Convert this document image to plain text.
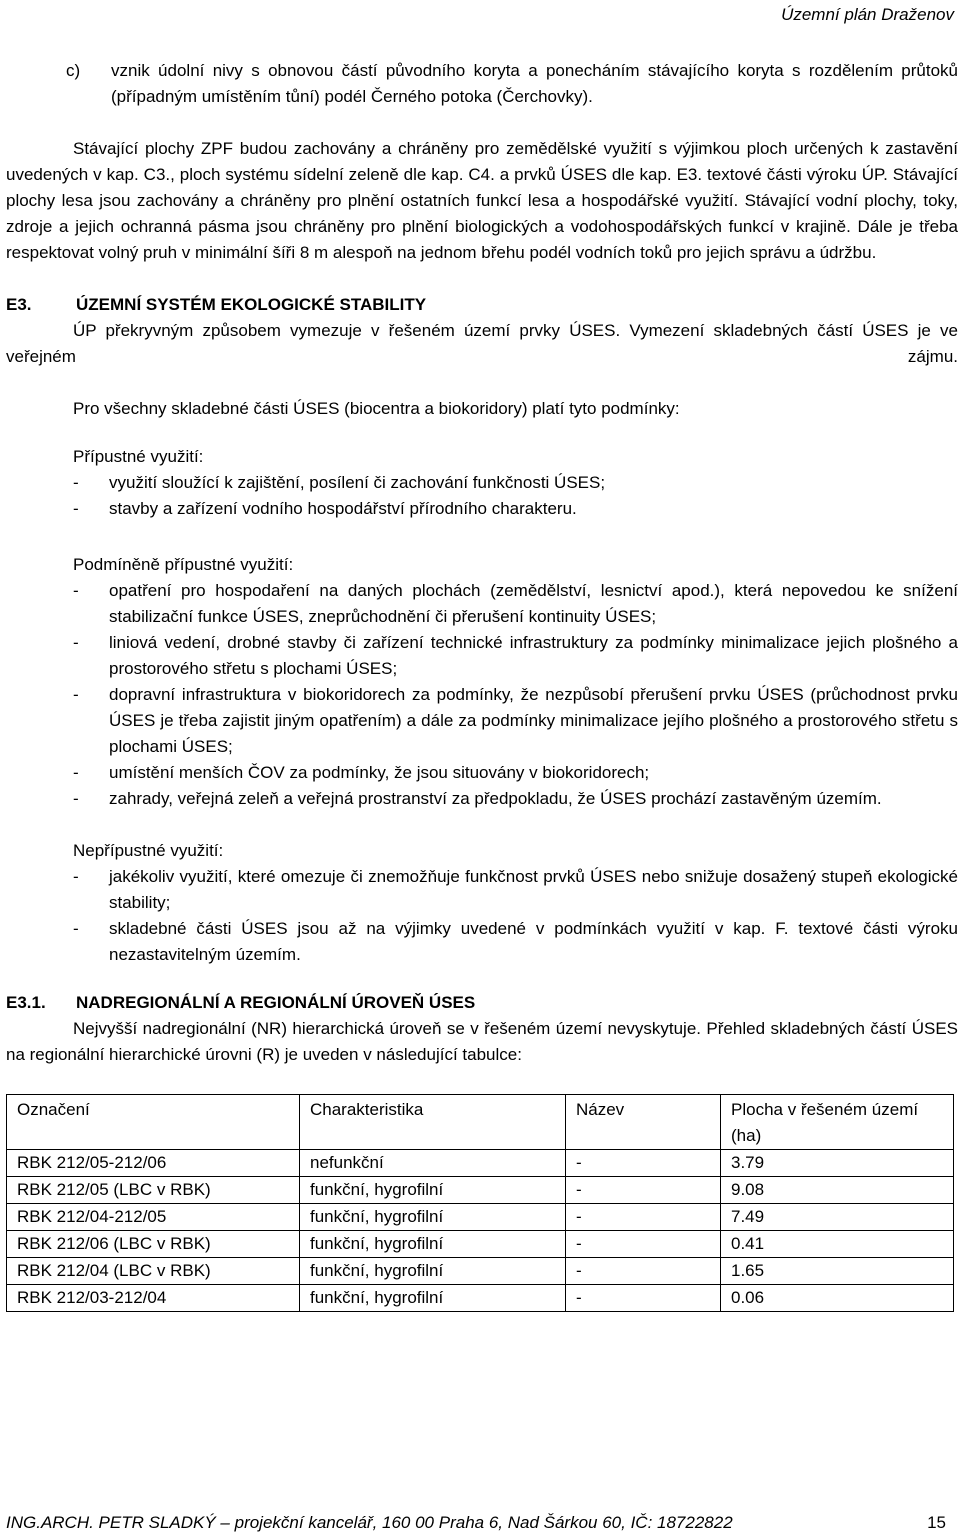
Územní plán Draženov
c)	vznik údolní nivy s obnovou částí původního koryta a ponecháním stávajícího koryta s rozdělením průtoků (případným umístěním tůní) podél Černého potoka (Čerchovky).

Stávající plochy ZPF budou zachovány a chráněny pro zemědělské využití s výjimkou ploch určených k zastavění uvedených v kap. C3., ploch systému sídelní zeleně dle kap. C4. a prvků ÚSES dle kap. E3. textové části výroku ÚP. Stávající plochy lesa jsou zachovány a chráněny pro plnění ostatních funkcí lesa a hospodářské využití. Stávající vodní plochy, toky, zdroje a jejich ochranná pásma jsou chráněny pro plnění biologických a vodohospodářských funkcí v krajině. Dále je třeba respektovat volný pruh v minimální šíři 8 m alespoň na jednom břehu podél vodních toků pro jejich správu a údržbu.

E3.	ÚZEMNÍ SYSTÉM EKOLOGICKÉ STABILITY

ÚP překryvným způsobem vymezuje v řešeném území prvky ÚSES. Vymezení skladebných částí ÚSES je ve veřejném zájmu.

Pro všechny skladebné části ÚSES (biocentra a biokoridory) platí tyto podmínky:

Přípustné využití:
-	využití sloužící k zajištění, posílení či zachování funkčnosti ÚSES;
-	stavby a zařízení vodního hospodářství přírodního charakteru.
Podmíněně přípustné využití:
-	opatření pro hospodaření na daných plochách (zemědělství, lesnictví apod.), která nepovedou ke snížení stabilizační funkce ÚSES, zneprůchodnění či přerušení kontinuity ÚSES;
-	liniová vedení, drobné stavby či zařízení technické infrastruktury za podmínky minimalizace jejich plošného a prostorového střetu s plochami ÚSES;
-	dopravní infrastruktura v biokoridorech za podmínky, že nezpůsobí přerušení prvku ÚSES (průchodnost prvku ÚSES je třeba zajistit jiným opatřením) a dále za podmínky minimalizace jejího plošného a prostorového střetu s plochami ÚSES;
-	umístění menších ČOV za podmínky, že jsou situovány v biokoridorech;
-	zahrady, veřejná zeleň a veřejná prostranství za předpokladu, že ÚSES prochází zastavěným územím.
Nepřípustné využití:
-	jakékoliv využití, které omezuje či znemožňuje funkčnost prvků ÚSES nebo snižuje dosažený stupeň ekologické stability;
-	skladebné části ÚSES jsou až na výjimky uvedené v podmínkách využití v kap. F. textové části výroku nezastavitelným územím.
E3.1.	NADREGIONÁLNÍ A REGIONÁLNÍ ÚROVEŇ ÚSES

Nejvyšší nadregionální (NR) hierarchická úroveň se v řešeném území nevyskytuje. Přehled skladebných částí ÚSES na regionální hierarchické úrovni (R) je uveden v následující tabulce:

Označení	Charakteristika	Název	Plocha v řešeném území (ha)
RBK 212/05-212/06	nefunkční	-	3.79
RBK 212/05 (LBC v RBK)	funkční, hygrofilní	-	9.08
RBK 212/04-212/05	funkční, hygrofilní	-	7.49
RBK 212/06 (LBC v RBK)	funkční, hygrofilní	-	0.41
RBK 212/04 (LBC v RBK)	funkční, hygrofilní	-	1.65
RBK 212/03-212/04	funkční, hygrofilní	-	0.06
ING.ARCH. PETR SLADKÝ – projekční kancelář, 160 00 Praha 6, Nad Šárkou 60, IČ: 18722822	15
